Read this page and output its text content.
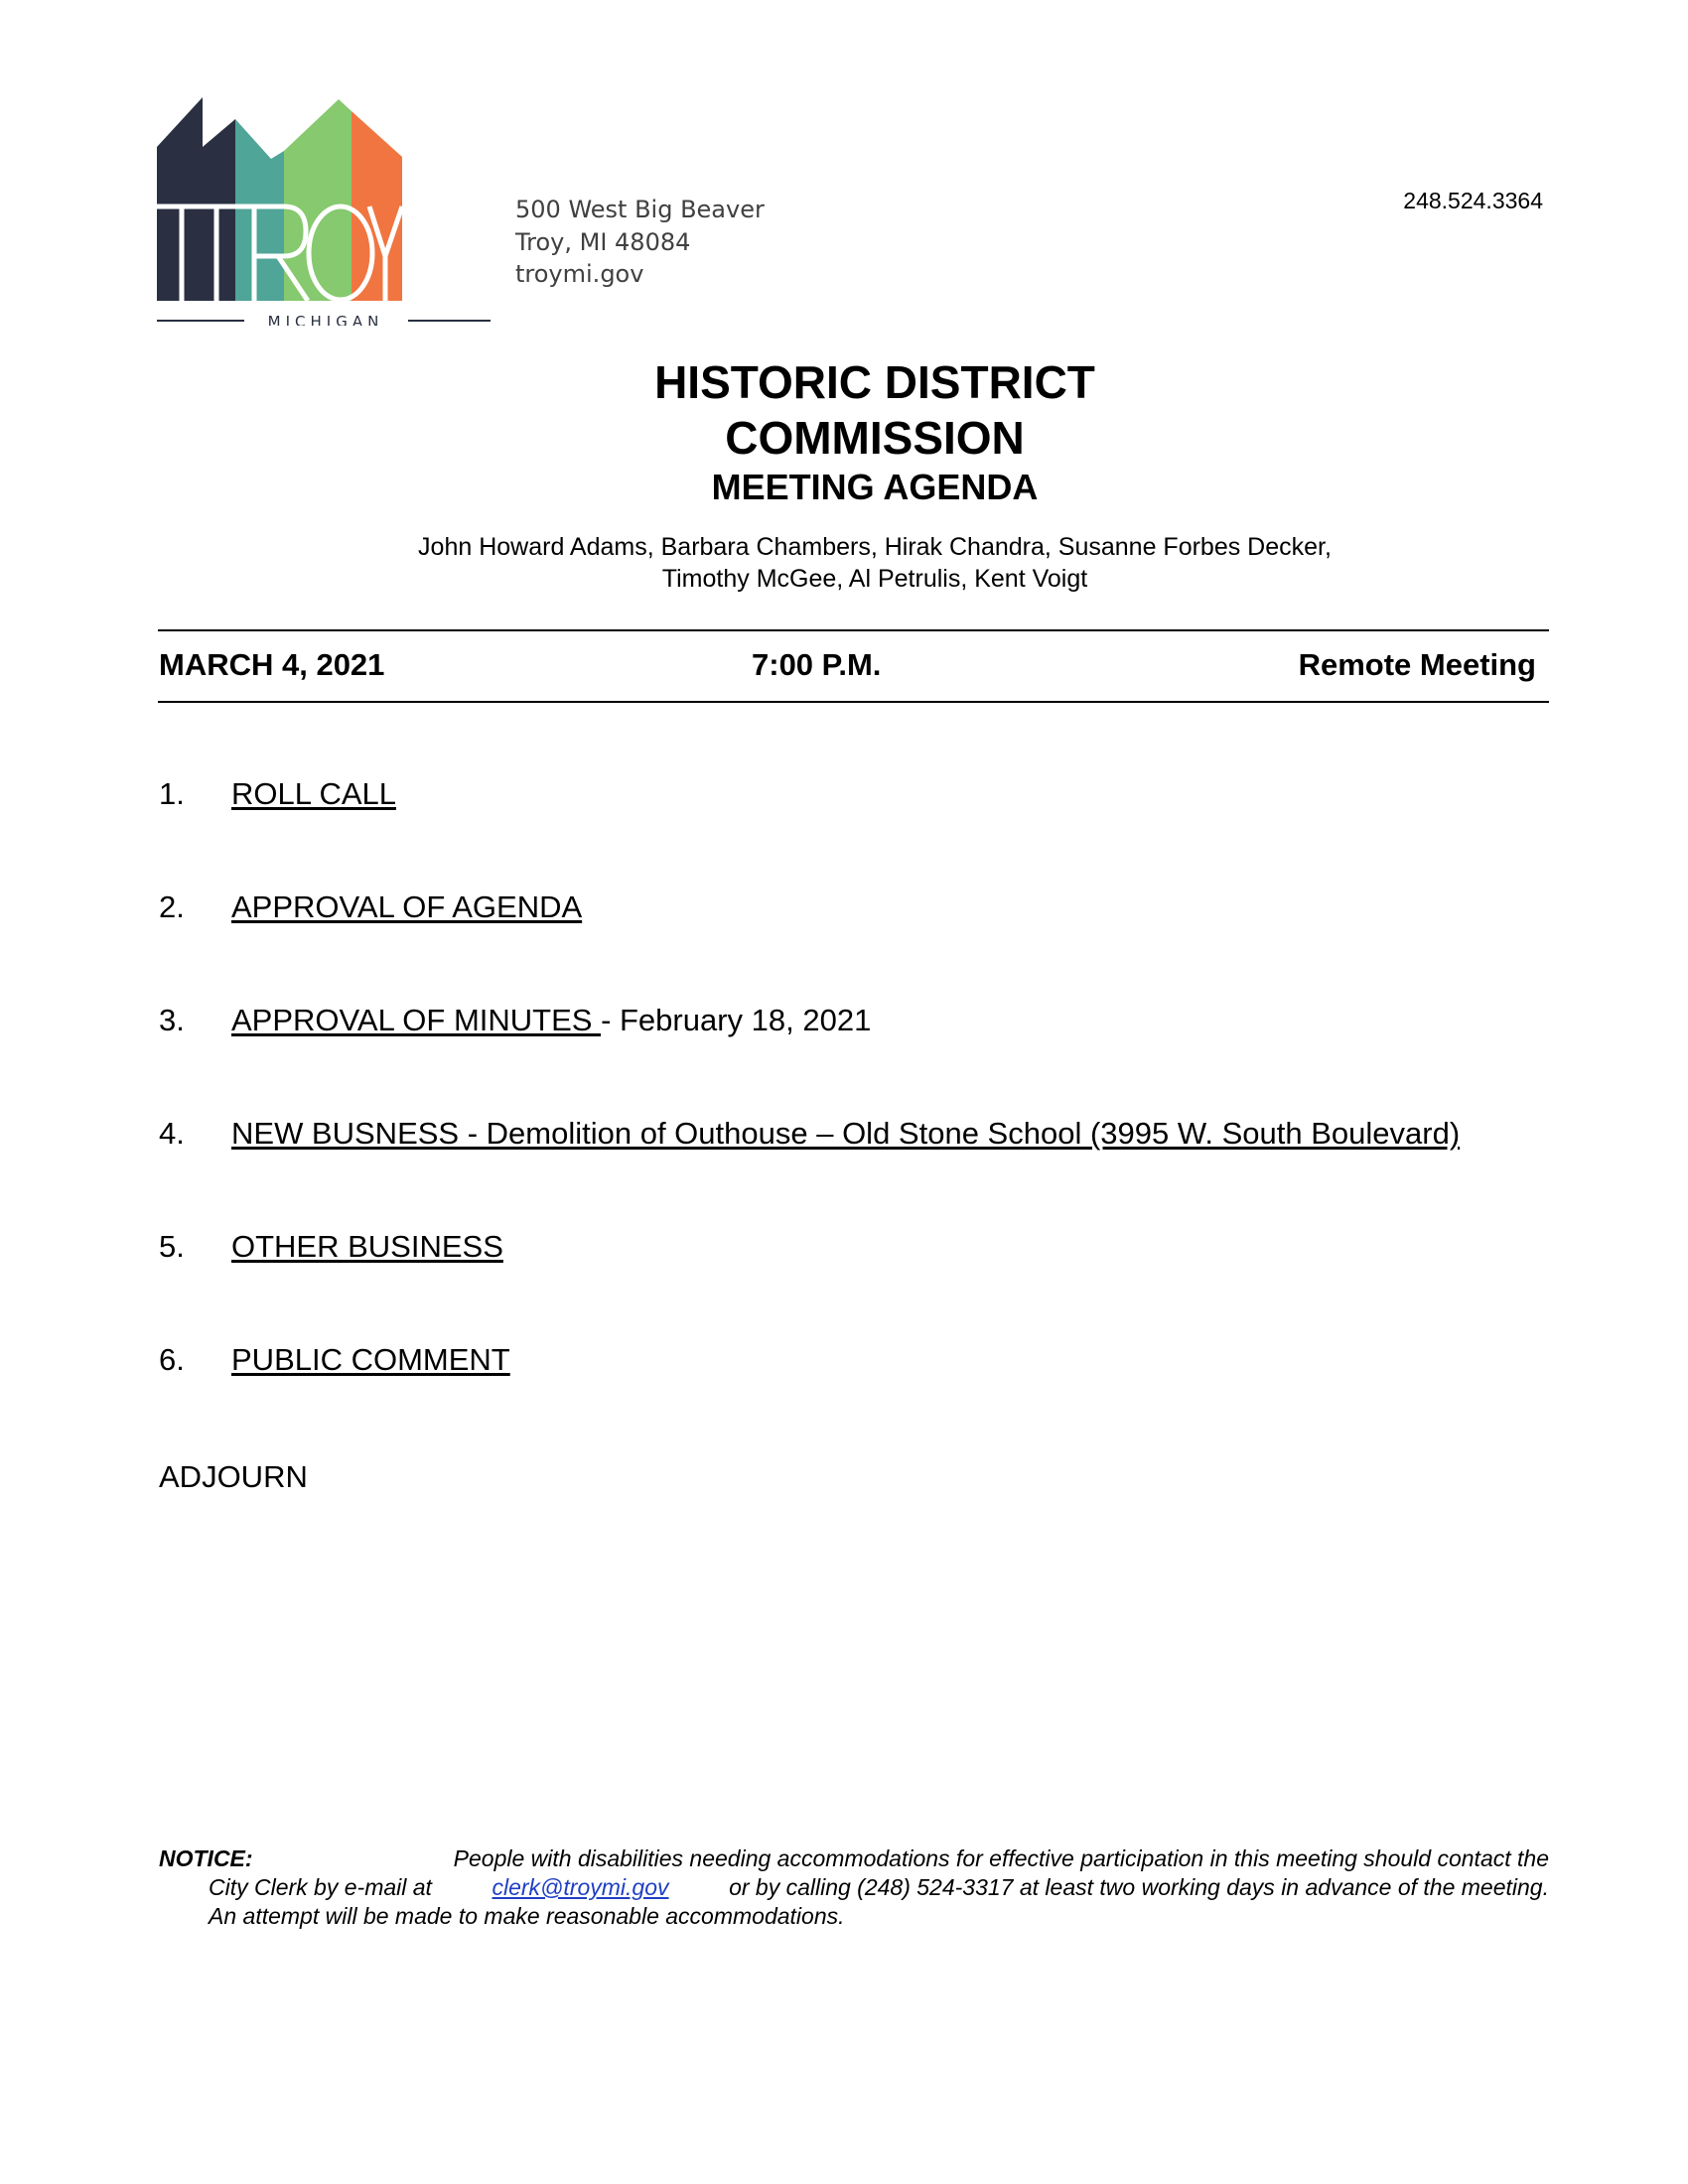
MICHIGAN
500 West Big Beaver
Troy, MI 48084
troymi.gov
248.524.3364
HISTORIC DISTRICT
COMMISSION
MEETING AGENDA
John Howard Adams, Barbara Chambers, Hirak Chandra, Susanne Forbes Decker,
Timothy McGee, Al Petrulis, Kent Voigt
MARCH 4, 2021	7:00 P.M.	Remote Meeting
1. ROLL CALL
2. APPROVAL OF AGENDA
3. APPROVAL OF MINUTES - February 18, 2021
4. NEW BUSNESS - Demolition of Outhouse – Old Stone School (3995 W. South Boulevard)
5. OTHER BUSINESS
6. PUBLIC COMMENT
ADJOURN
NOTICE:	People with disabilities needing accommodations for effective participation in this meeting should contact the
City Clerk by e-mail at	clerk@troymi.gov	or by calling (248) 524-3317 at least two working days in advance of the meeting.
An attempt will be made to make reasonable accommodations.
